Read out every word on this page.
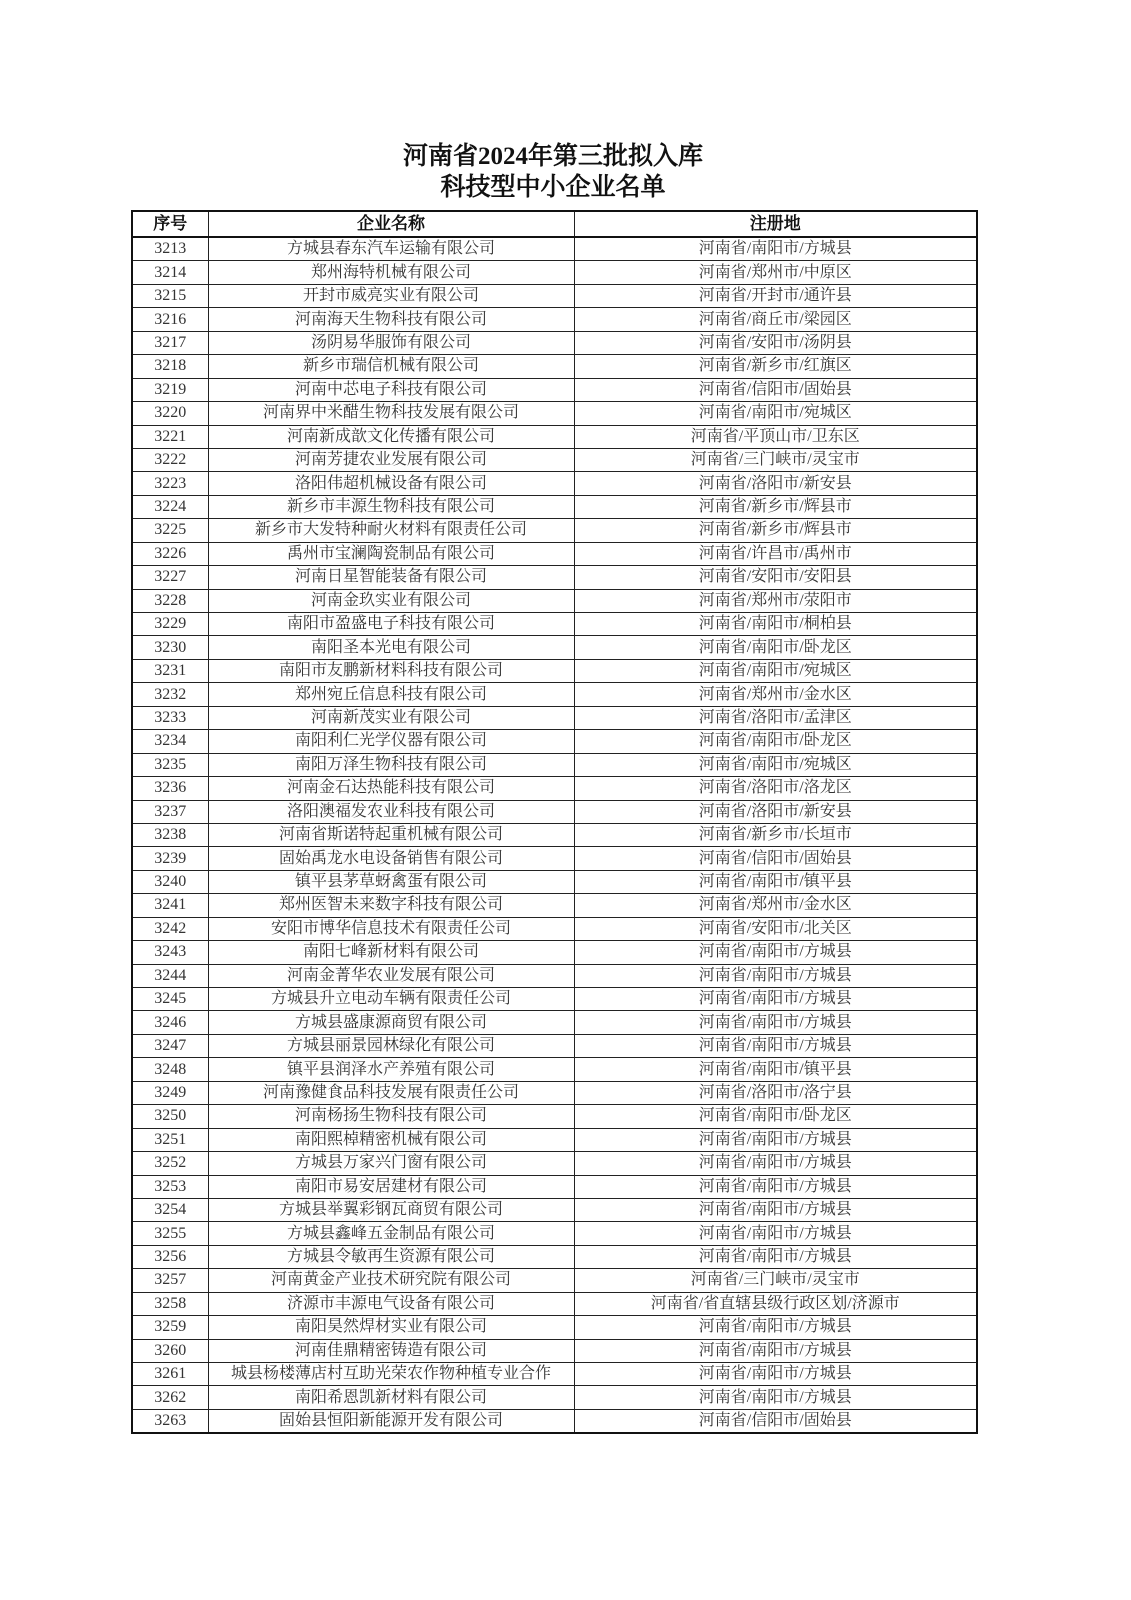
河南省2024年第三批拟入库
科技型中小企业名单
序号	企业名称	注册地
3213	方城县春东汽车运输有限公司	河南省/南阳市/方城县
3214	郑州海特机械有限公司	河南省/郑州市/中原区
3215	开封市威亮实业有限公司	河南省/开封市/通许县
3216	河南海天生物科技有限公司	河南省/商丘市/梁园区
3217	汤阴易华服饰有限公司	河南省/安阳市/汤阴县
3218	新乡市瑞信机械有限公司	河南省/新乡市/红旗区
3219	河南中芯电子科技有限公司	河南省/信阳市/固始县
3220	河南界中米醋生物科技发展有限公司	河南省/南阳市/宛城区
3221	河南新成歆文化传播有限公司	河南省/平顶山市/卫东区
3222	河南芳捷农业发展有限公司	河南省/三门峡市/灵宝市
3223	洛阳伟超机械设备有限公司	河南省/洛阳市/新安县
3224	新乡市丰源生物科技有限公司	河南省/新乡市/辉县市
3225	新乡市大发特种耐火材料有限责任公司	河南省/新乡市/辉县市
3226	禹州市宝澜陶瓷制品有限公司	河南省/许昌市/禹州市
3227	河南日星智能装备有限公司	河南省/安阳市/安阳县
3228	河南金玖实业有限公司	河南省/郑州市/荥阳市
3229	南阳市盈盛电子科技有限公司	河南省/南阳市/桐柏县
3230	南阳圣本光电有限公司	河南省/南阳市/卧龙区
3231	南阳市友鹏新材料科技有限公司	河南省/南阳市/宛城区
3232	郑州宛丘信息科技有限公司	河南省/郑州市/金水区
3233	河南新茂实业有限公司	河南省/洛阳市/孟津区
3234	南阳利仁光学仪器有限公司	河南省/南阳市/卧龙区
3235	南阳万泽生物科技有限公司	河南省/南阳市/宛城区
3236	河南金石达热能科技有限公司	河南省/洛阳市/洛龙区
3237	洛阳澳福发农业科技有限公司	河南省/洛阳市/新安县
3238	河南省斯诺特起重机械有限公司	河南省/新乡市/长垣市
3239	固始禹龙水电设备销售有限公司	河南省/信阳市/固始县
3240	镇平县茅草蚜禽蛋有限公司	河南省/南阳市/镇平县
3241	郑州医智未来数字科技有限公司	河南省/郑州市/金水区
3242	安阳市博华信息技术有限责任公司	河南省/安阳市/北关区
3243	南阳七峰新材料有限公司	河南省/南阳市/方城县
3244	河南金菁华农业发展有限公司	河南省/南阳市/方城县
3245	方城县升立电动车辆有限责任公司	河南省/南阳市/方城县
3246	方城县盛康源商贸有限公司	河南省/南阳市/方城县
3247	方城县丽景园林绿化有限公司	河南省/南阳市/方城县
3248	镇平县润泽水产养殖有限公司	河南省/南阳市/镇平县
3249	河南豫健食品科技发展有限责任公司	河南省/洛阳市/洛宁县
3250	河南杨扬生物科技有限公司	河南省/南阳市/卧龙区
3251	南阳熙棹精密机械有限公司	河南省/南阳市/方城县
3252	方城县万家兴门窗有限公司	河南省/南阳市/方城县
3253	南阳市易安居建材有限公司	河南省/南阳市/方城县
3254	方城县举翼彩钢瓦商贸有限公司	河南省/南阳市/方城县
3255	方城县鑫峰五金制品有限公司	河南省/南阳市/方城县
3256	方城县令敏再生资源有限公司	河南省/南阳市/方城县
3257	河南黄金产业技术研究院有限公司	河南省/三门峡市/灵宝市
3258	济源市丰源电气设备有限公司	河南省/省直辖县级行政区划/济源市
3259	南阳昊然焊材实业有限公司	河南省/南阳市/方城县
3260	河南佳鼎精密铸造有限公司	河南省/南阳市/方城县
3261	城县杨楼薄店村互助光荣农作物种植专业合作	河南省/南阳市/方城县
3262	南阳希恩凯新材料有限公司	河南省/南阳市/方城县
3263	固始县恒阳新能源开发有限公司	河南省/信阳市/固始县
